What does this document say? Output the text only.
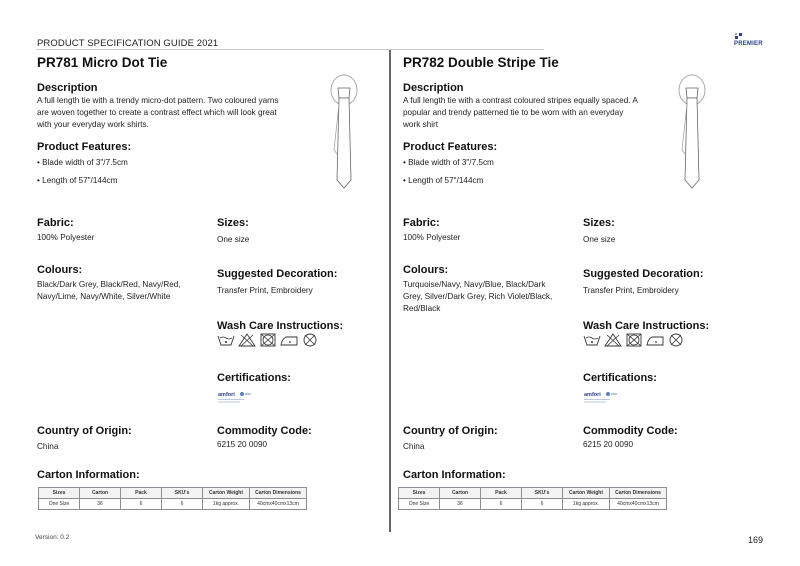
PRODUCT SPECIFICATION GUIDE 2021	PREMIER
PR781 Micro Dot Tie
Description
A full length tie with a trendy micro-dot pattern. Two coloured yarns
are woven together to create a contrast effect which will look great
with your everyday work shirts.
Product Features:
• Blade width of 3"/7.5cm
• Length of 57"/144cm
Fabric:
100% Polyester
Sizes:
One size
Colours:
Black/Dark Grey, Black/Red, Navy/Red,
Navy/Lime, Navy/White, Silver/White
Suggested Decoration:
Transfer Print, Embroidery
Wash Care Instructions:
Certifications:
amfori
Country of Origin:
China
Commodity Code:
6215 20 0090
Carton Information:
Sizes	Carton	Pack	SKU's	Carton Weight	Carton Dimensions
One Size	36	6	6	1kg approx.	40cmx40cmx13cm
PR782 Double Stripe Tie
Description
A full length tie with a contrast coloured stripes equally spaced. A
popular and trendy patterned tie to be worn with an everyday
work shirt
Product Features:
• Blade width of 3"/7.5cm
• Length of 57"/144cm
Fabric:
100% Polyester
Sizes:
One size
Colours:
Turquoise/Navy, Navy/Blue, Black/Dark
Grey, Silver/Dark Grey, Rich Violet/Black,
Red/Black
Suggested Decoration:
Transfer Print, Embroidery
Wash Care Instructions:
Certifications:
amfori
Country of Origin:
China
Commodity Code:
6215 20 0090
Carton Information:
Sizes	Carton	Pack	SKU's	Carton Weight	Carton Dimensions
One Size	36	6	6	1kg approx.	40cmx40cmx13cm
Version: 0.2	169
